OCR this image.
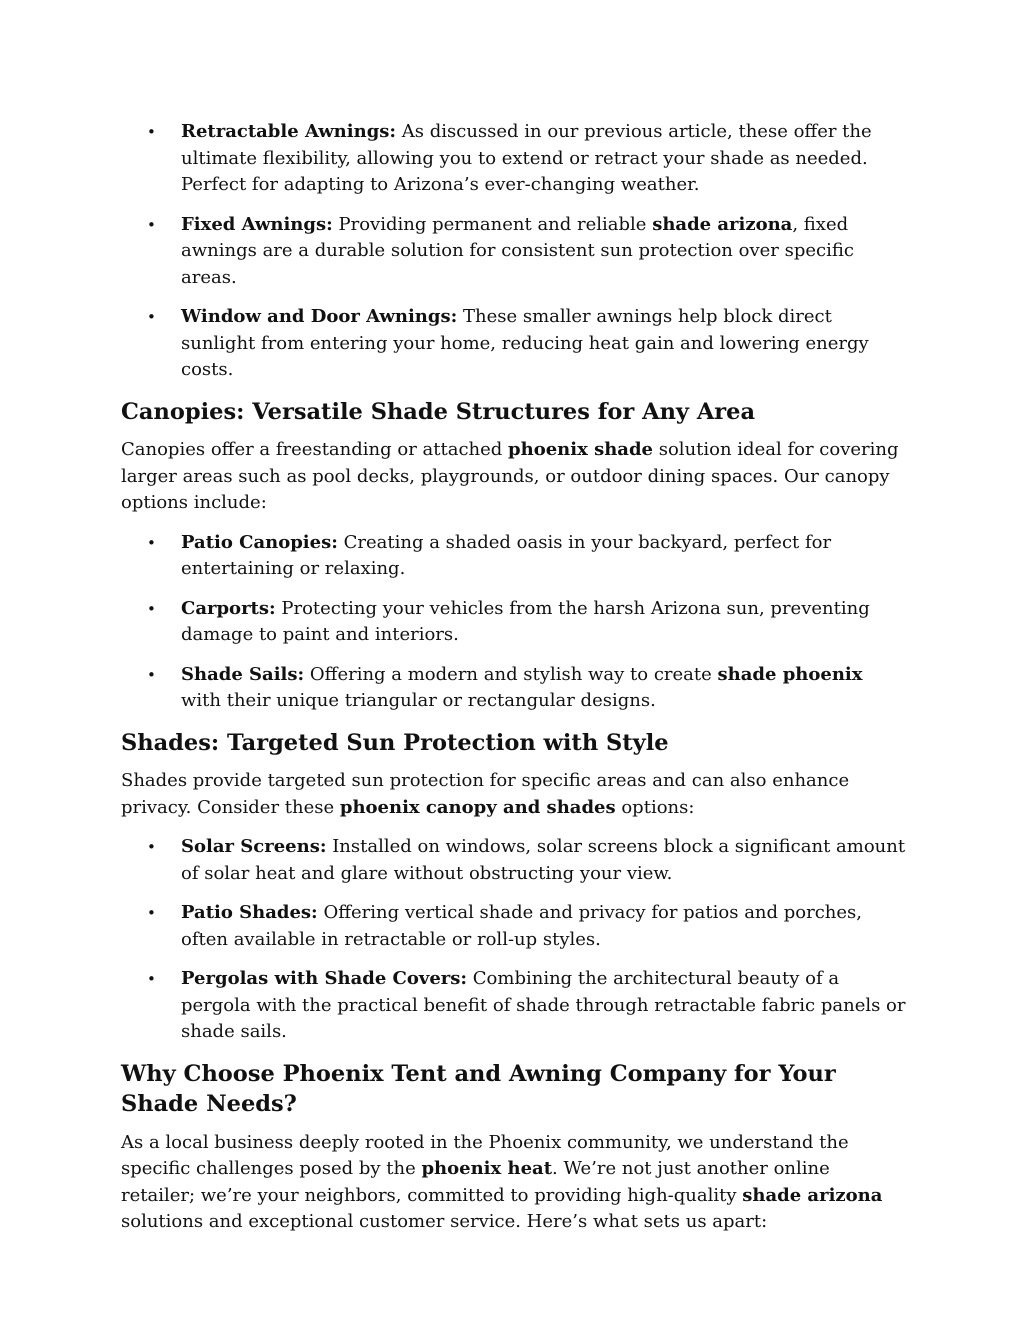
• Retractable Awnings: As discussed in our previous article, these offer the ultimate flexibility, allowing you to extend or retract your shade as needed. Perfect for adapting to Arizona’s ever-changing weather.
• Fixed Awnings: Providing permanent and reliable shade arizona, fixed awnings are a durable solution for consistent sun protection over specific areas.
• Window and Door Awnings: These smaller awnings help block direct sunlight from entering your home, reducing heat gain and lowering energy costs.
Canopies: Versatile Shade Structures for Any Area

Canopies offer a freestanding or attached phoenix shade solution ideal for covering larger areas such as pool decks, playgrounds, or outdoor dining spaces. Our canopy options include:

• Patio Canopies: Creating a shaded oasis in your backyard, perfect for entertaining or relaxing.
• Carports: Protecting your vehicles from the harsh Arizona sun, preventing damage to paint and interiors.
• Shade Sails: Offering a modern and stylish way to create shade phoenix with their unique triangular or rectangular designs.
Shades: Targeted Sun Protection with Style

Shades provide targeted sun protection for specific areas and can also enhance privacy. Consider these phoenix canopy and shades options:

• Solar Screens: Installed on windows, solar screens block a significant amount of solar heat and glare without obstructing your view.
• Patio Shades: Offering vertical shade and privacy for patios and porches, often available in retractable or roll-up styles.
• Pergolas with Shade Covers: Combining the architectural beauty of a pergola with the practical benefit of shade through retractable fabric panels or shade sails.
Why Choose Phoenix Tent and Awning Company for Your Shade Needs?

As a local business deeply rooted in the Phoenix community, we understand the specific challenges posed by the phoenix heat. We’re not just another online retailer; we’re your neighbors, committed to providing high-quality shade arizona solutions and exceptional customer service. Here’s what sets us apart:
